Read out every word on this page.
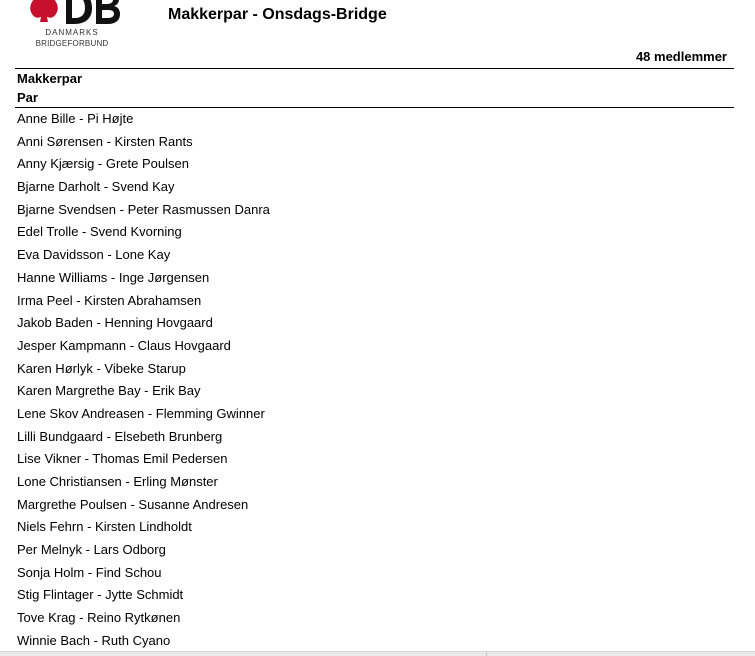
DANMARKS
BRIDGEFORBUND
Makkerpar - Onsdags-Bridge
48 medlemmer
Makkerpar
Par
Anne Bille - Pi Højte
Anni Sørensen - Kirsten Rants
Anny Kjærsig - Grete Poulsen
Bjarne Darholt - Svend Kay
Bjarne Svendsen - Peter Rasmussen Danra
Edel Trolle - Svend Kvorning
Eva Davidsson - Lone Kay
Hanne Williams - Inge Jørgensen
Irma Peel - Kirsten Abrahamsen
Jakob Baden - Henning Hovgaard
Jesper Kampmann - Claus Hovgaard
Karen Hørlyk - Vibeke Starup
Karen Margrethe Bay - Erik Bay
Lene Skov Andreasen - Flemming Gwinner
Lilli Bundgaard - Elsebeth Brunberg
Lise Vikner - Thomas Emil Pedersen
Lone Christiansen - Erling Mønster
Margrethe Poulsen - Susanne Andresen
Niels Fehrn - Kirsten Lindholdt
Per Melnyk - Lars Odborg
Sonja Holm - Find Schou
Stig Flintager - Jytte Schmidt
Tove Krag - Reino Rytkønen
Winnie Bach - Ruth Cyano
